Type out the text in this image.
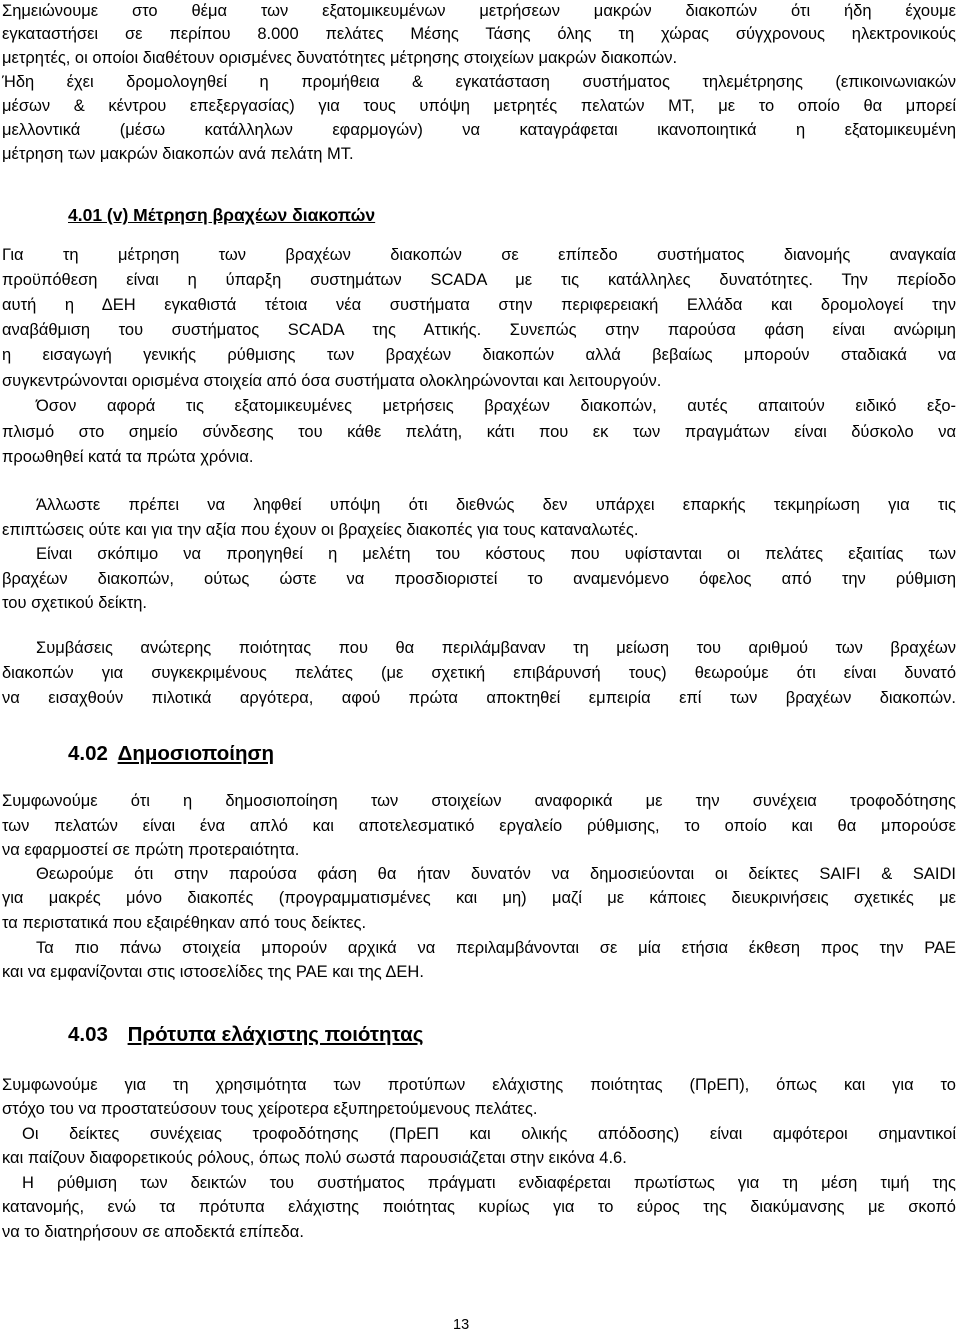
Σημειώνουμε στο θέμα των εξατομικευμένων μετρήσεων μακρών διακοπών ότι ήδη έχουμε
εγκαταστήσει σε περίπου 8.000 πελάτες Μέσης Τάσης όλης τη χώρας σύγχρονους ηλεκτρονικούς
μετρητές, οι οποίοι διαθέτουν ορισμένες δυνατότητες μέτρησης στοιχείων μακρών διακοπών.
Ήδη έχει δρομολογηθεί η προμήθεια & εγκατάσταση συστήματος τηλεμέτρησης (επικοινωνιακών
μέσων & κέντρου επεξεργασίας) για τους υπόψη μετρητές πελατών ΜΤ, με το οποίο θα μπορεί
μελλοντικά (μέσω κατάλληλων εφαρμογών) να καταγράφεται ικανοποιητικά η εξατομικευμένη
μέτρηση των μακρών διακοπών ανά πελάτη ΜΤ.
4.01 (v) Μέτρηση βραχέων διακοπών
Για τη μέτρηση των βραχέων διακοπών σε επίπεδο συστήματος διανομής αναγκαία
προϋπόθεση είναι η ύπαρξη συστημάτων SCADA με τις κατάλληλες δυνατότητες. Την περίοδο
αυτή η ΔΕΗ εγκαθιστά τέτοια νέα συστήματα στην περιφερειακή Ελλάδα και δρομολογεί την
αναβάθμιση του συστήματος SCADA της Αττικής. Συνεπώς στην παρούσα φάση είναι ανώριμη
η εισαγωγή γενικής ρύθμισης των βραχέων διακοπών αλλά βεβαίως μπορούν σταδιακά να
συγκεντρώνονται ορισμένα στοιχεία από όσα συστήματα ολοκληρώνονται και λειτουργούν.
Όσον αφορά τις εξατομικευμένες μετρήσεις βραχέων διακοπών, αυτές απαιτούν ειδικό εξο-
πλισμό στο σημείο σύνδεσης του κάθε πελάτη, κάτι που εκ των πραγμάτων είναι δύσκολο να
προωθηθεί κατά τα πρώτα χρόνια.
Άλλωστε πρέπει να ληφθεί υπόψη ότι διεθνώς δεν υπάρχει επαρκής τεκμηρίωση για τις
επιπτώσεις ούτε και για την αξία που έχουν οι βραχείες διακοπές για τους καταναλωτές.
Είναι σκόπιμο να προηγηθεί η μελέτη του κόστους που υφίστανται οι πελάτες εξαιτίας των
βραχέων διακοπών, ούτως ώστε να προσδιοριστεί το αναμενόμενο όφελος από την ρύθμιση
του σχετικού δείκτη.
Συμβάσεις ανώτερης ποιότητας που θα περιλάμβαναν τη μείωση του αριθμού των βραχέων
διακοπών για συγκεκριμένους πελάτες (με σχετική επιβάρυνσή τους) θεωρούμε ότι είναι δυνατό
να εισαχθούν πιλοτικά αργότερα, αφού πρώτα αποκτηθεί εμπειρία επί των βραχέων διακοπών.
4.02 Δημοσιοποίηση
Συμφωνούμε ότι η δημοσιοποίηση των στοιχείων αναφορικά με την συνέχεια τροφοδότησης
των πελατών είναι ένα απλό και αποτελεσματικό εργαλείο ρύθμισης, το οποίο και θα μπορούσε
να εφαρμοστεί σε πρώτη προτεραιότητα.
Θεωρούμε ότι στην παρούσα φάση θα ήταν δυνατόν να δημοσιεύονται οι δείκτες SAIFI & SAIDI
για μακρές μόνο διακοπές (προγραμματισμένες και μη) μαζί με κάποιες διευκρινήσεις σχετικές με
τα περιστατικά που εξαιρέθηκαν από τους δείκτες.
Τα πιο πάνω στοιχεία μπορούν αρχικά να περιλαμβάνονται σε μία ετήσια έκθεση προς την ΡΑΕ
και να εμφανίζονται στις ιστοσελίδες της ΡΑΕ και της ΔΕΗ.
4.03 Πρότυπα ελάχιστης ποιότητας
Συμφωνούμε για τη χρησιμότητα των προτύπων ελάχιστης ποιότητας (ΠρΕΠ), όπως και για το
στόχο του να προστατεύσουν τους χείροτερα εξυπηρετούμενους πελάτες.
Οι δείκτες συνέχειας τροφοδότησης (ΠρΕΠ και ολικής απόδοσης) είναι αμφότεροι σημαντικοί
και παίζουν διαφορετικούς ρόλους, όπως πολύ σωστά παρουσιάζεται στην εικόνα 4.6.
Η ρύθμιση των δεικτών του συστήματος πράγματι ενδιαφέρεται πρωτίστως για τη μέση τιμή της
κατανομής, ενώ τα πρότυπα ελάχιστης ποιότητας κυρίως για το εύρος της διακύμανσης με σκοπό
να το διατηρήσουν σε αποδεκτά επίπεδα.
13
